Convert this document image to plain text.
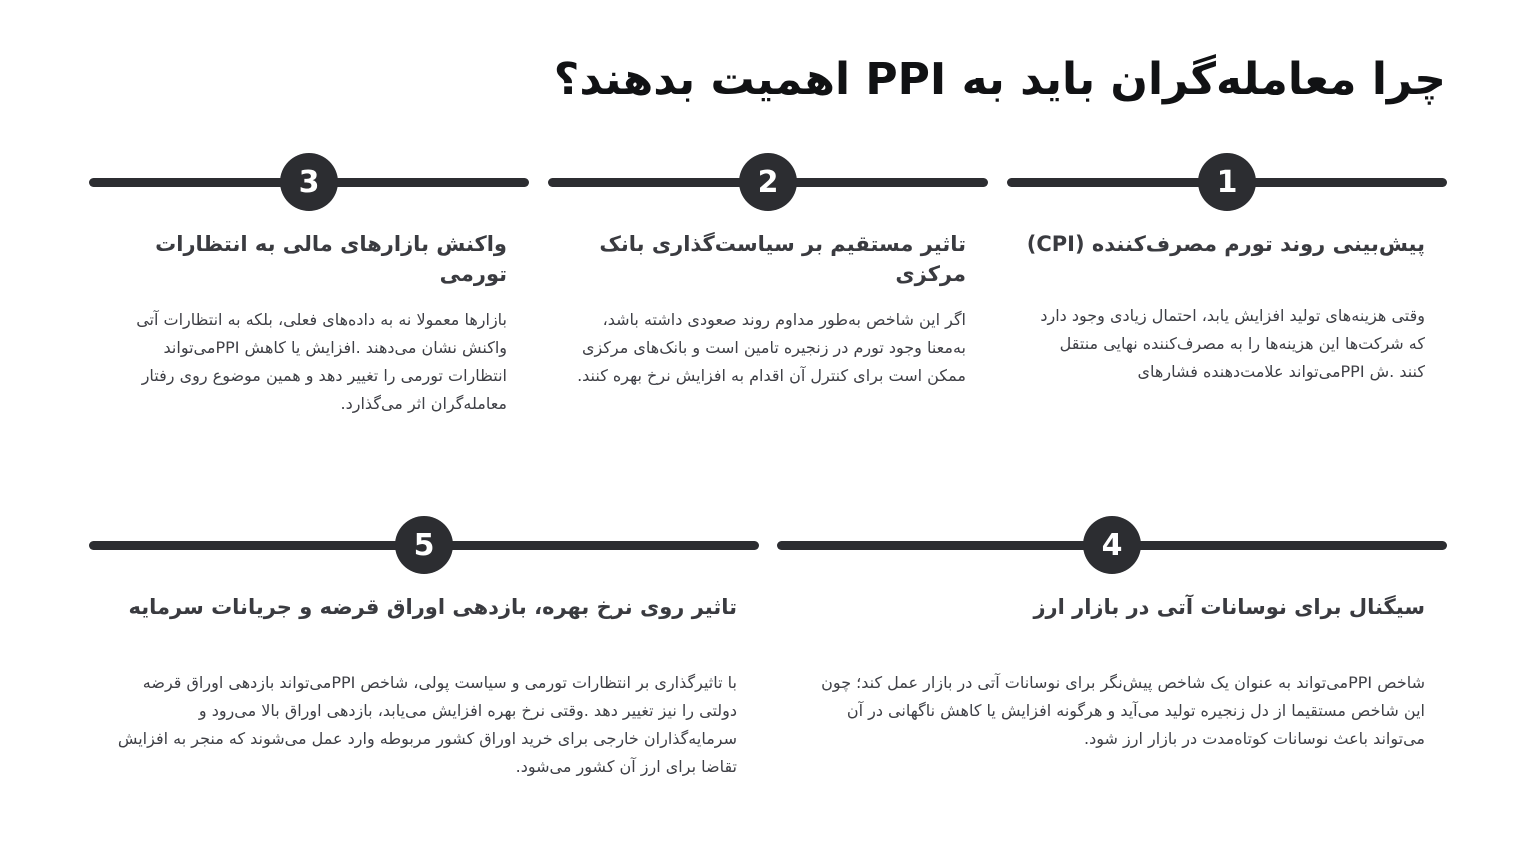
چرا معامله‌گران باید به PPI اهمیت بدهند؟
1
پیش‌بینی روند تورم مصرف‌کننده (CPI)
وقتی هزینه‌های تولید افزایش یابد، احتمال زیادی وجود دارد که شرکت‌ها این هزینه‌ها را به مصرف‌کننده نهایی منتقل کنند .ش PPIمی‌تواند علامت‌دهنده فشارهای
2
تاثیر مستقیم بر سیاست‌گذاری بانک مرکزی
اگر این شاخص به‌طور مداوم روند صعودی داشته باشد، به‌معنا وجود تورم در زنجیره تامین است و بانک‌های مرکزی ممکن است برای کنترل آن اقدام به افزایش نرخ بهره کنند.
3
واکنش بازارهای مالی به انتظارات تورمی
بازارها معمولا نه به داده‌های فعلی، بلکه به انتظارات آتی واکنش نشان می‌دهند .افزایش یا کاهش PPIمی‌تواند انتظارات تورمی را تغییر دهد و همین موضوع روی رفتار معامله‌گران اثر می‌گذارد.
4
سیگنال برای نوسانات آتی در بازار ارز
شاخص PPIمی‌تواند به عنوان یک شاخص پیش‌نگر برای نوسانات آتی در بازار عمل کند؛ چون این شاخص مستقیما از دل زنجیره تولید می‌آید و هرگونه افزایش یا کاهش ناگهانی در آن می‌تواند باعث نوسانات کوتاه‌مدت در بازار ارز شود.
5
تاثیر روی نرخ بهره، بازدهی اوراق قرضه و جریانات سرمایه
با تاثیرگذاری بر انتظارات تورمی و سیاست پولی، شاخص PPIمی‌تواند بازدهی اوراق قرضه دولتی را نیز تغییر دهد .وقتی نرخ بهره افزایش می‌یابد، بازدهی اوراق بالا می‌رود و سرمایه‌گذاران خارجی برای خرید اوراق کشور مربوطه وارد عمل می‌شوند که منجر به افزایش تقاضا برای ارز آن کشور می‌شود.
